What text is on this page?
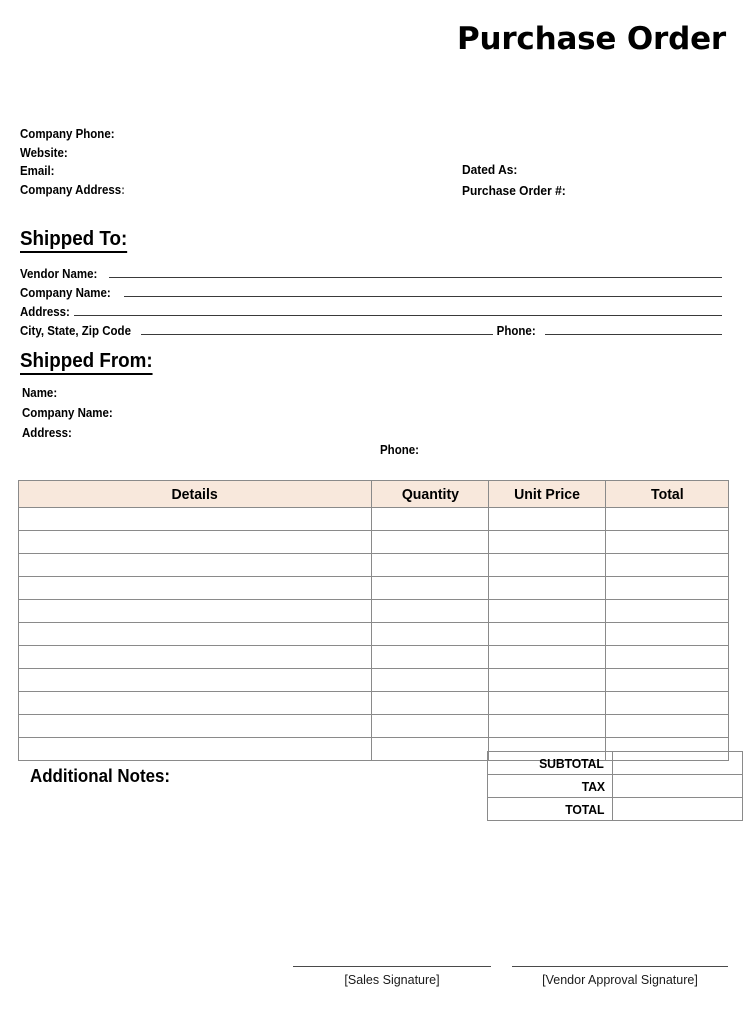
Purchase Order
Company Phone:
Website:
Email:
Company Address:
Dated As:
Purchase Order #:
Shipped To:
Vendor Name:
Company Name:
Address:
City, State, Zip Code	Phone:
Shipped From:
Name:
Company Name:
Address:
Phone:
Details	Quantity	Unit Price	Total

SUBTOTAL	
TAX	
TOTAL	
Additional Notes:
[Sales Signature]	[Vendor Approval Signature]
